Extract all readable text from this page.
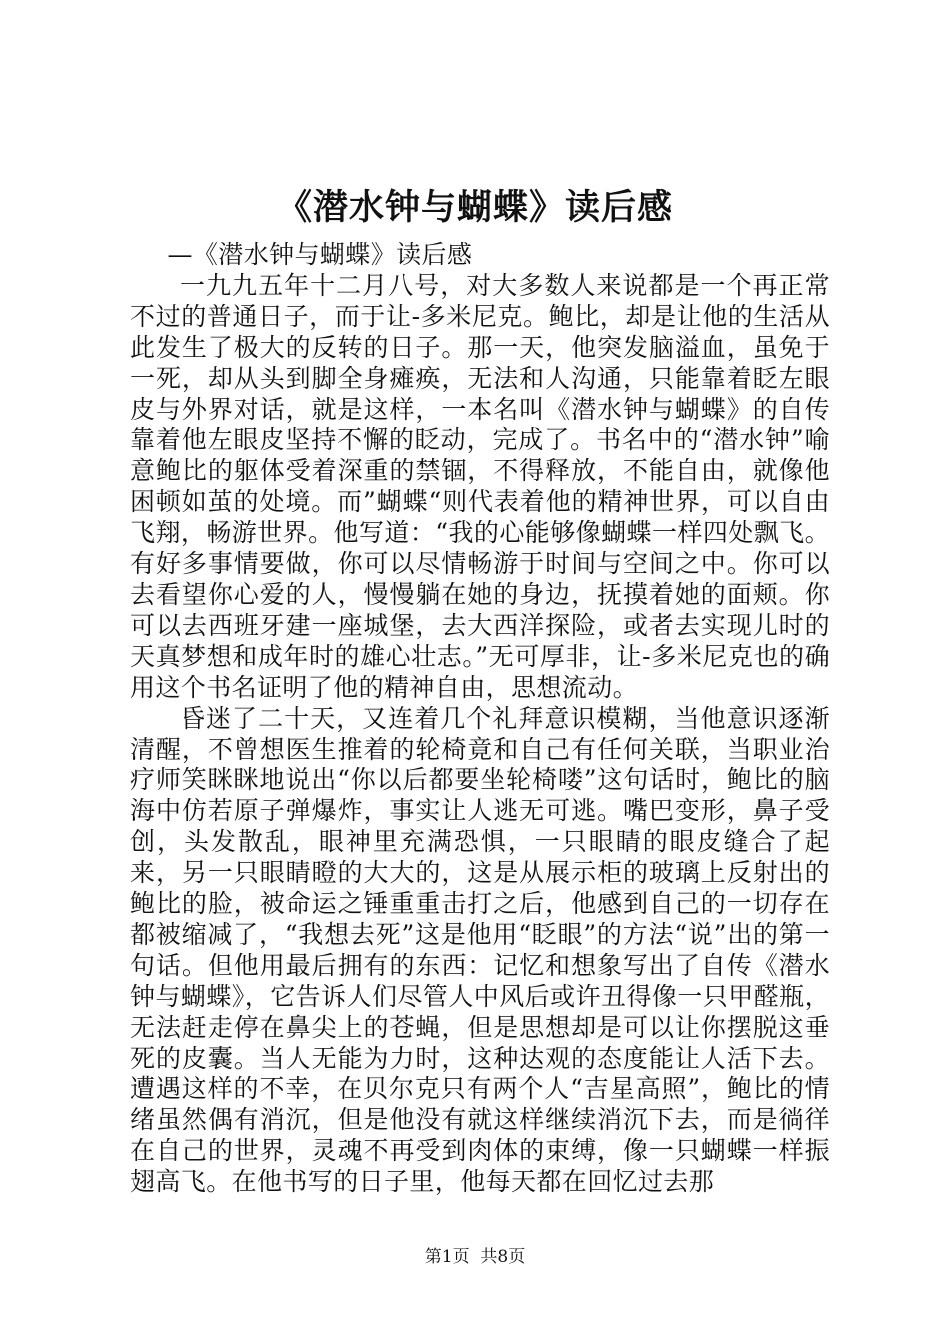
《潜水钟与蝴蝶》读后感

—《潜水钟与蝴蝶》读后感

一九九五年十二月八号，对大多数人来说都是一个再正常不过的普通日子，而于让-多米尼克。鲍比，却是让他的生活从此发生了极大的反转的日子。那一天，他突发脑溢血，虽免于一死，却从头到脚全身瘫痪，无法和人沟通，只能靠着眨左眼皮与外界对话，就是这样，一本名叫《潜水钟与蝴蝶》的自传靠着他左眼皮坚持不懈的眨动，完成了。书名中的“潜水钟”喻意鲍比的躯体受着深重的禁锢，不得释放，不能自由，就像他困顿如茧的处境。而”蝴蝶“则代表着他的精神世界，可以自由飞翔，畅游世界。他写道：“我的心能够像蝴蝶一样四处飘飞。有好多事情要做，你可以尽情畅游于时间与空间之中。你可以去看望你心爱的人，慢慢躺在她的身边，抚摸着她的面颊。你可以去西班牙建一座城堡，去大西洋探险，或者去实现儿时的天真梦想和成年时的雄心壮志。”无可厚非，让-多米尼克也的确用这个书名证明了他的精神自由，思想流动。

昏迷了二十天，又连着几个礼拜意识模糊，当他意识逐渐清醒，不曾想医生推着的轮椅竟和自己有任何关联，当职业治疗师笑眯眯地说出“你以后都要坐轮椅喽”这句话时，鲍比的脑海中仿若原子弹爆炸，事实让人逃无可逃。嘴巴变形，鼻子受创，头发散乱，眼神里充满恐惧，一只眼睛的眼皮缝合了起来，另一只眼睛瞪的大大的，这是从展示柜的玻璃上反射出的鲍比的脸，被命运之锤重重击打之后，他感到自己的一切存在都被缩减了，“我想去死”这是他用“眨眼”的方法“说”出的第一句话。但他用最后拥有的东西：记忆和想象写出了自传《潜水钟与蝴蝶》，它告诉人们尽管人中风后或许丑得像一只甲醛瓶，无法赶走停在鼻尖上的苍蝇，但是思想却是可以让你摆脱这垂死的皮囊。当人无能为力时，这种达观的态度能让人活下去。遭遇这样的不幸，在贝尔克只有两个人“吉星高照”，鲍比的情绪虽然偶有消沉，但是他没有就这样继续消沉下去，而是徜徉在自己的世界，灵魂不再受到肉体的束缚，像一只蝴蝶一样振翅高飞。在他书写的日子里，他每天都在回忆过去那

第1页  共8页
